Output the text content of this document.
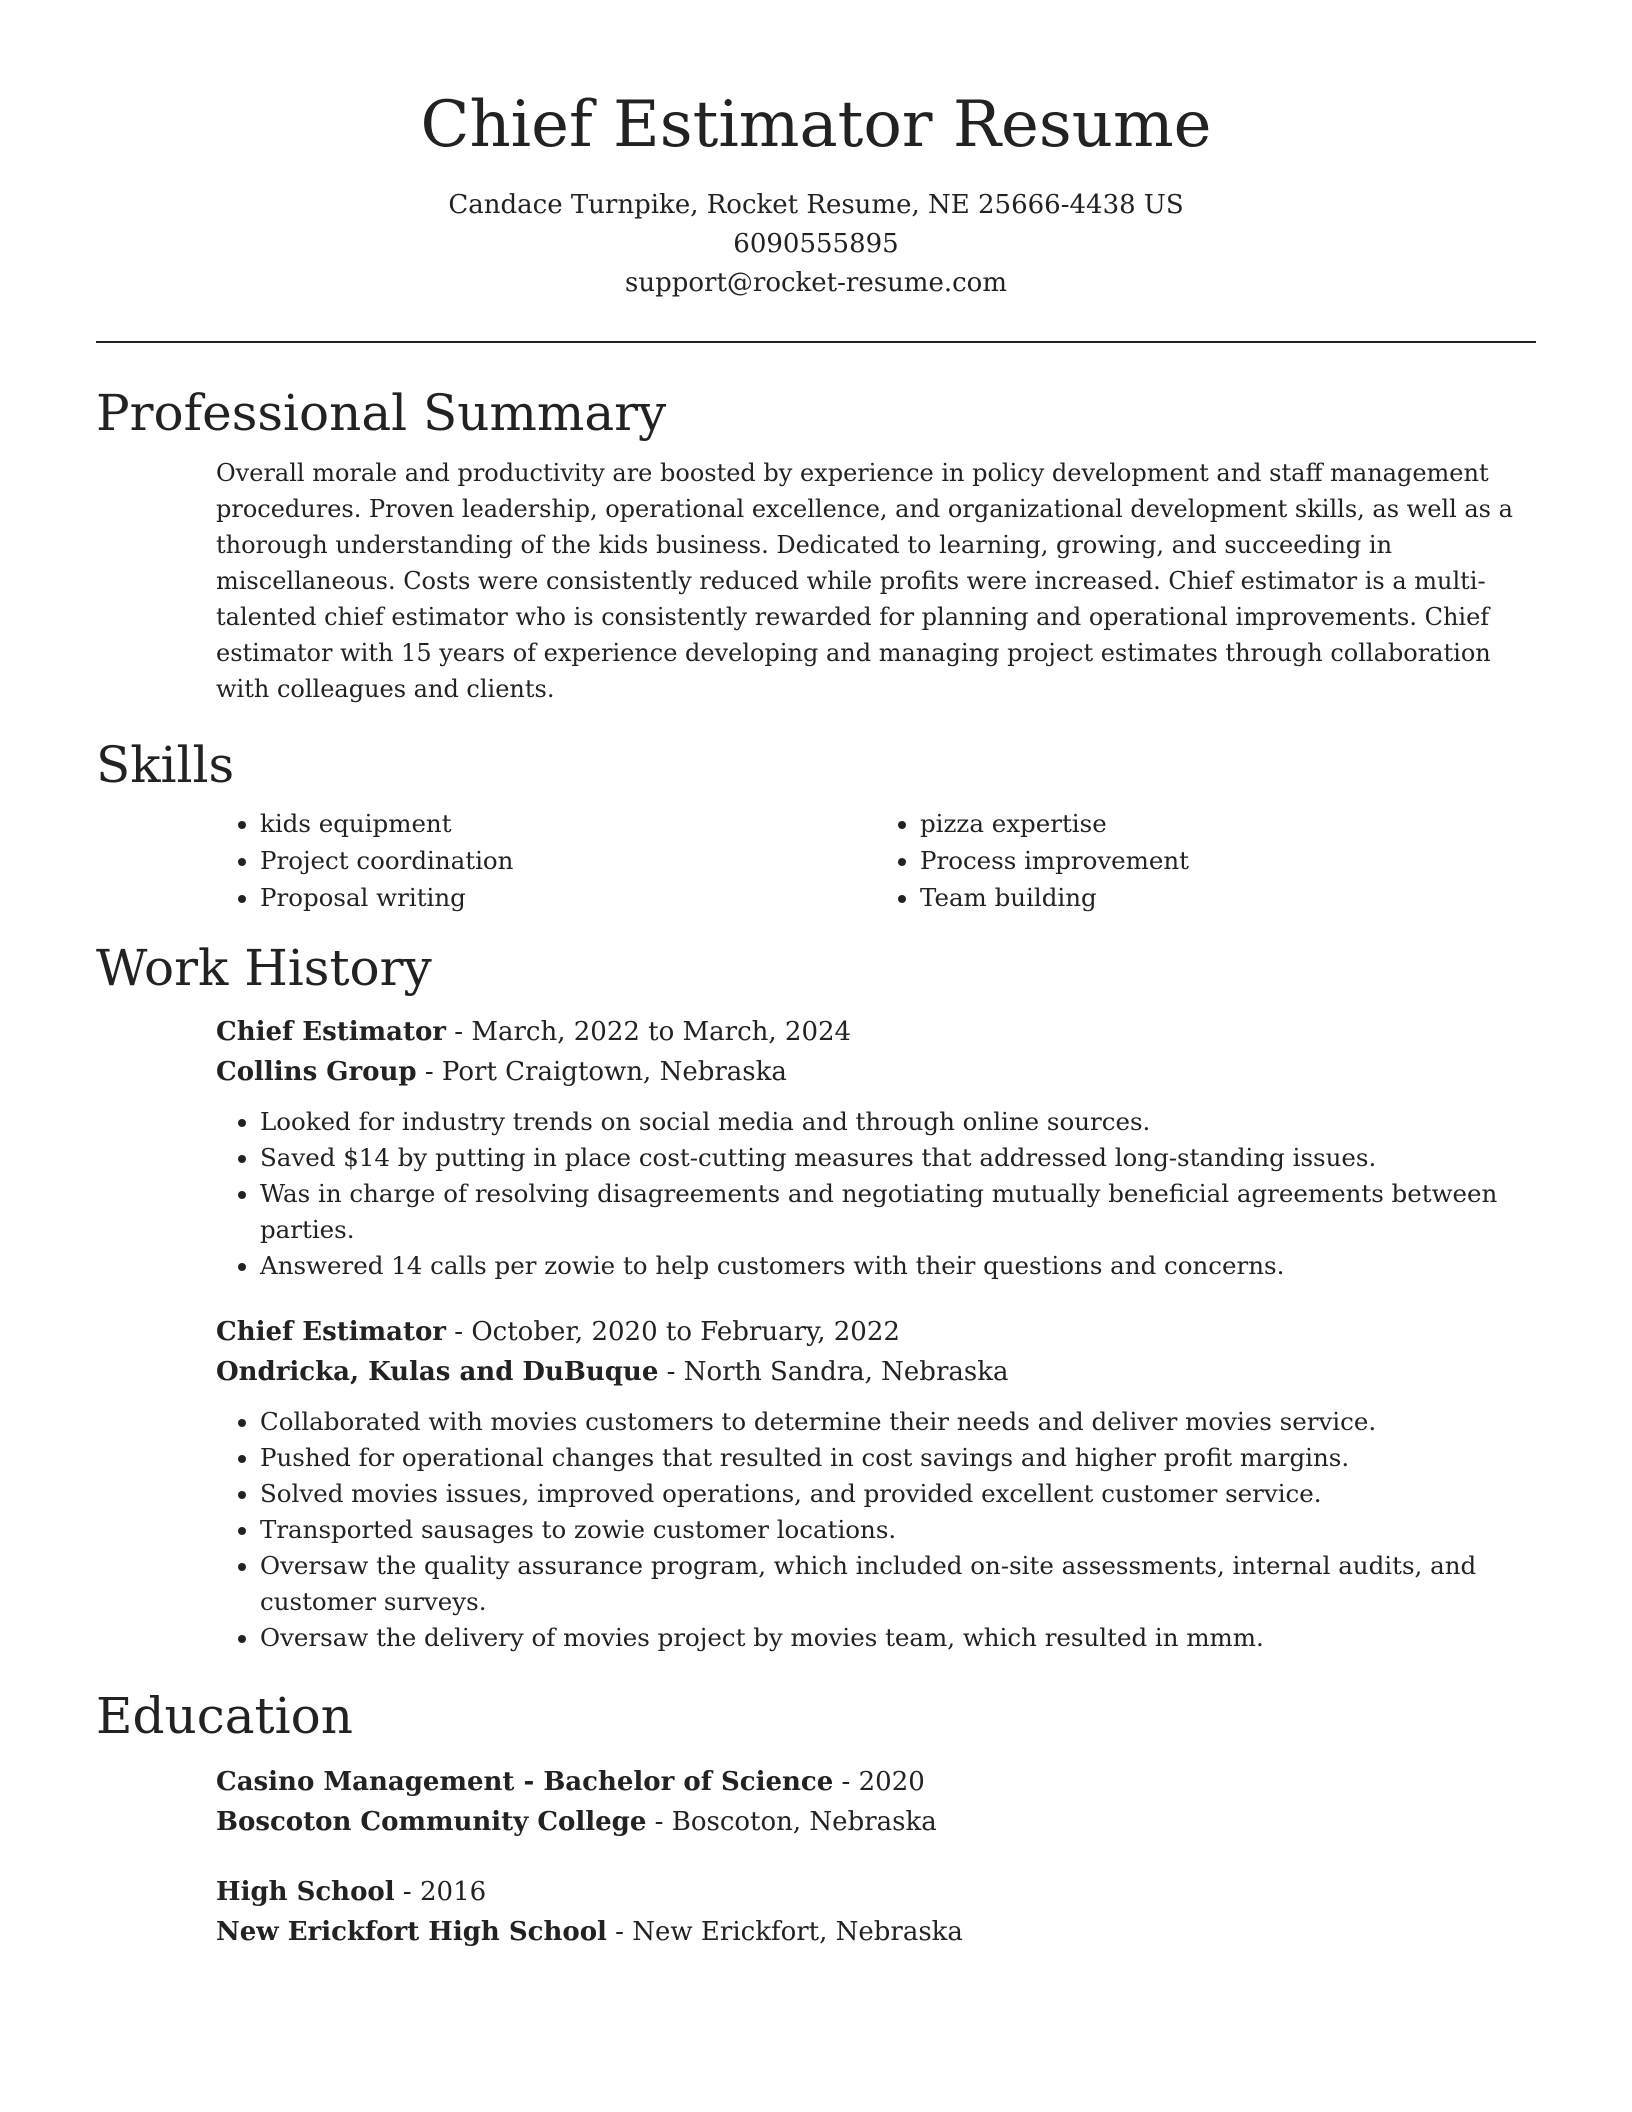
Chief Estimator Resume
Candace Turnpike, Rocket Resume, NE 25666-4438 US
6090555895
support@rocket-resume.com
Professional Summary

Overall morale and productivity are boosted by experience in policy development and staff management procedures. Proven leadership, operational excellence, and organizational development skills, as well as a thorough understanding of the kids business. Dedicated to learning, growing, and succeeding in miscellaneous. Costs were consistently reduced while profits were increased. Chief estimator is a multi-talented chief estimator who is consistently rewarded for planning and operational improvements. Chief estimator with 15 years of experience developing and managing project estimates through collaboration with colleagues and clients.

Skills
• kids equipment
• Project coordination
• Proposal writing
• pizza expertise
• Process improvement
• Team building
Work History
Chief Estimator - March, 2022 to March, 2024
Collins Group - Port Craigtown, Nebraska
• Looked for industry trends on social media and through online sources.
• Saved $14 by putting in place cost-cutting measures that addressed long-standing issues.
• Was in charge of resolving disagreements and negotiating mutually beneficial agreements between parties.
• Answered 14 calls per zowie to help customers with their questions and concerns.
Chief Estimator - October, 2020 to February, 2022
Ondricka, Kulas and DuBuque - North Sandra, Nebraska
• Collaborated with movies customers to determine their needs and deliver movies service.
• Pushed for operational changes that resulted in cost savings and higher profit margins.
• Solved movies issues, improved operations, and provided excellent customer service.
• Transported sausages to zowie customer locations.
• Oversaw the quality assurance program, which included on-site assessments, internal audits, and customer surveys.
• Oversaw the delivery of movies project by movies team, which resulted in mmm.
Education
Casino Management - Bachelor of Science - 2020
Boscoton Community College - Boscoton, Nebraska
High School - 2016
New Erickfort High School - New Erickfort, Nebraska
